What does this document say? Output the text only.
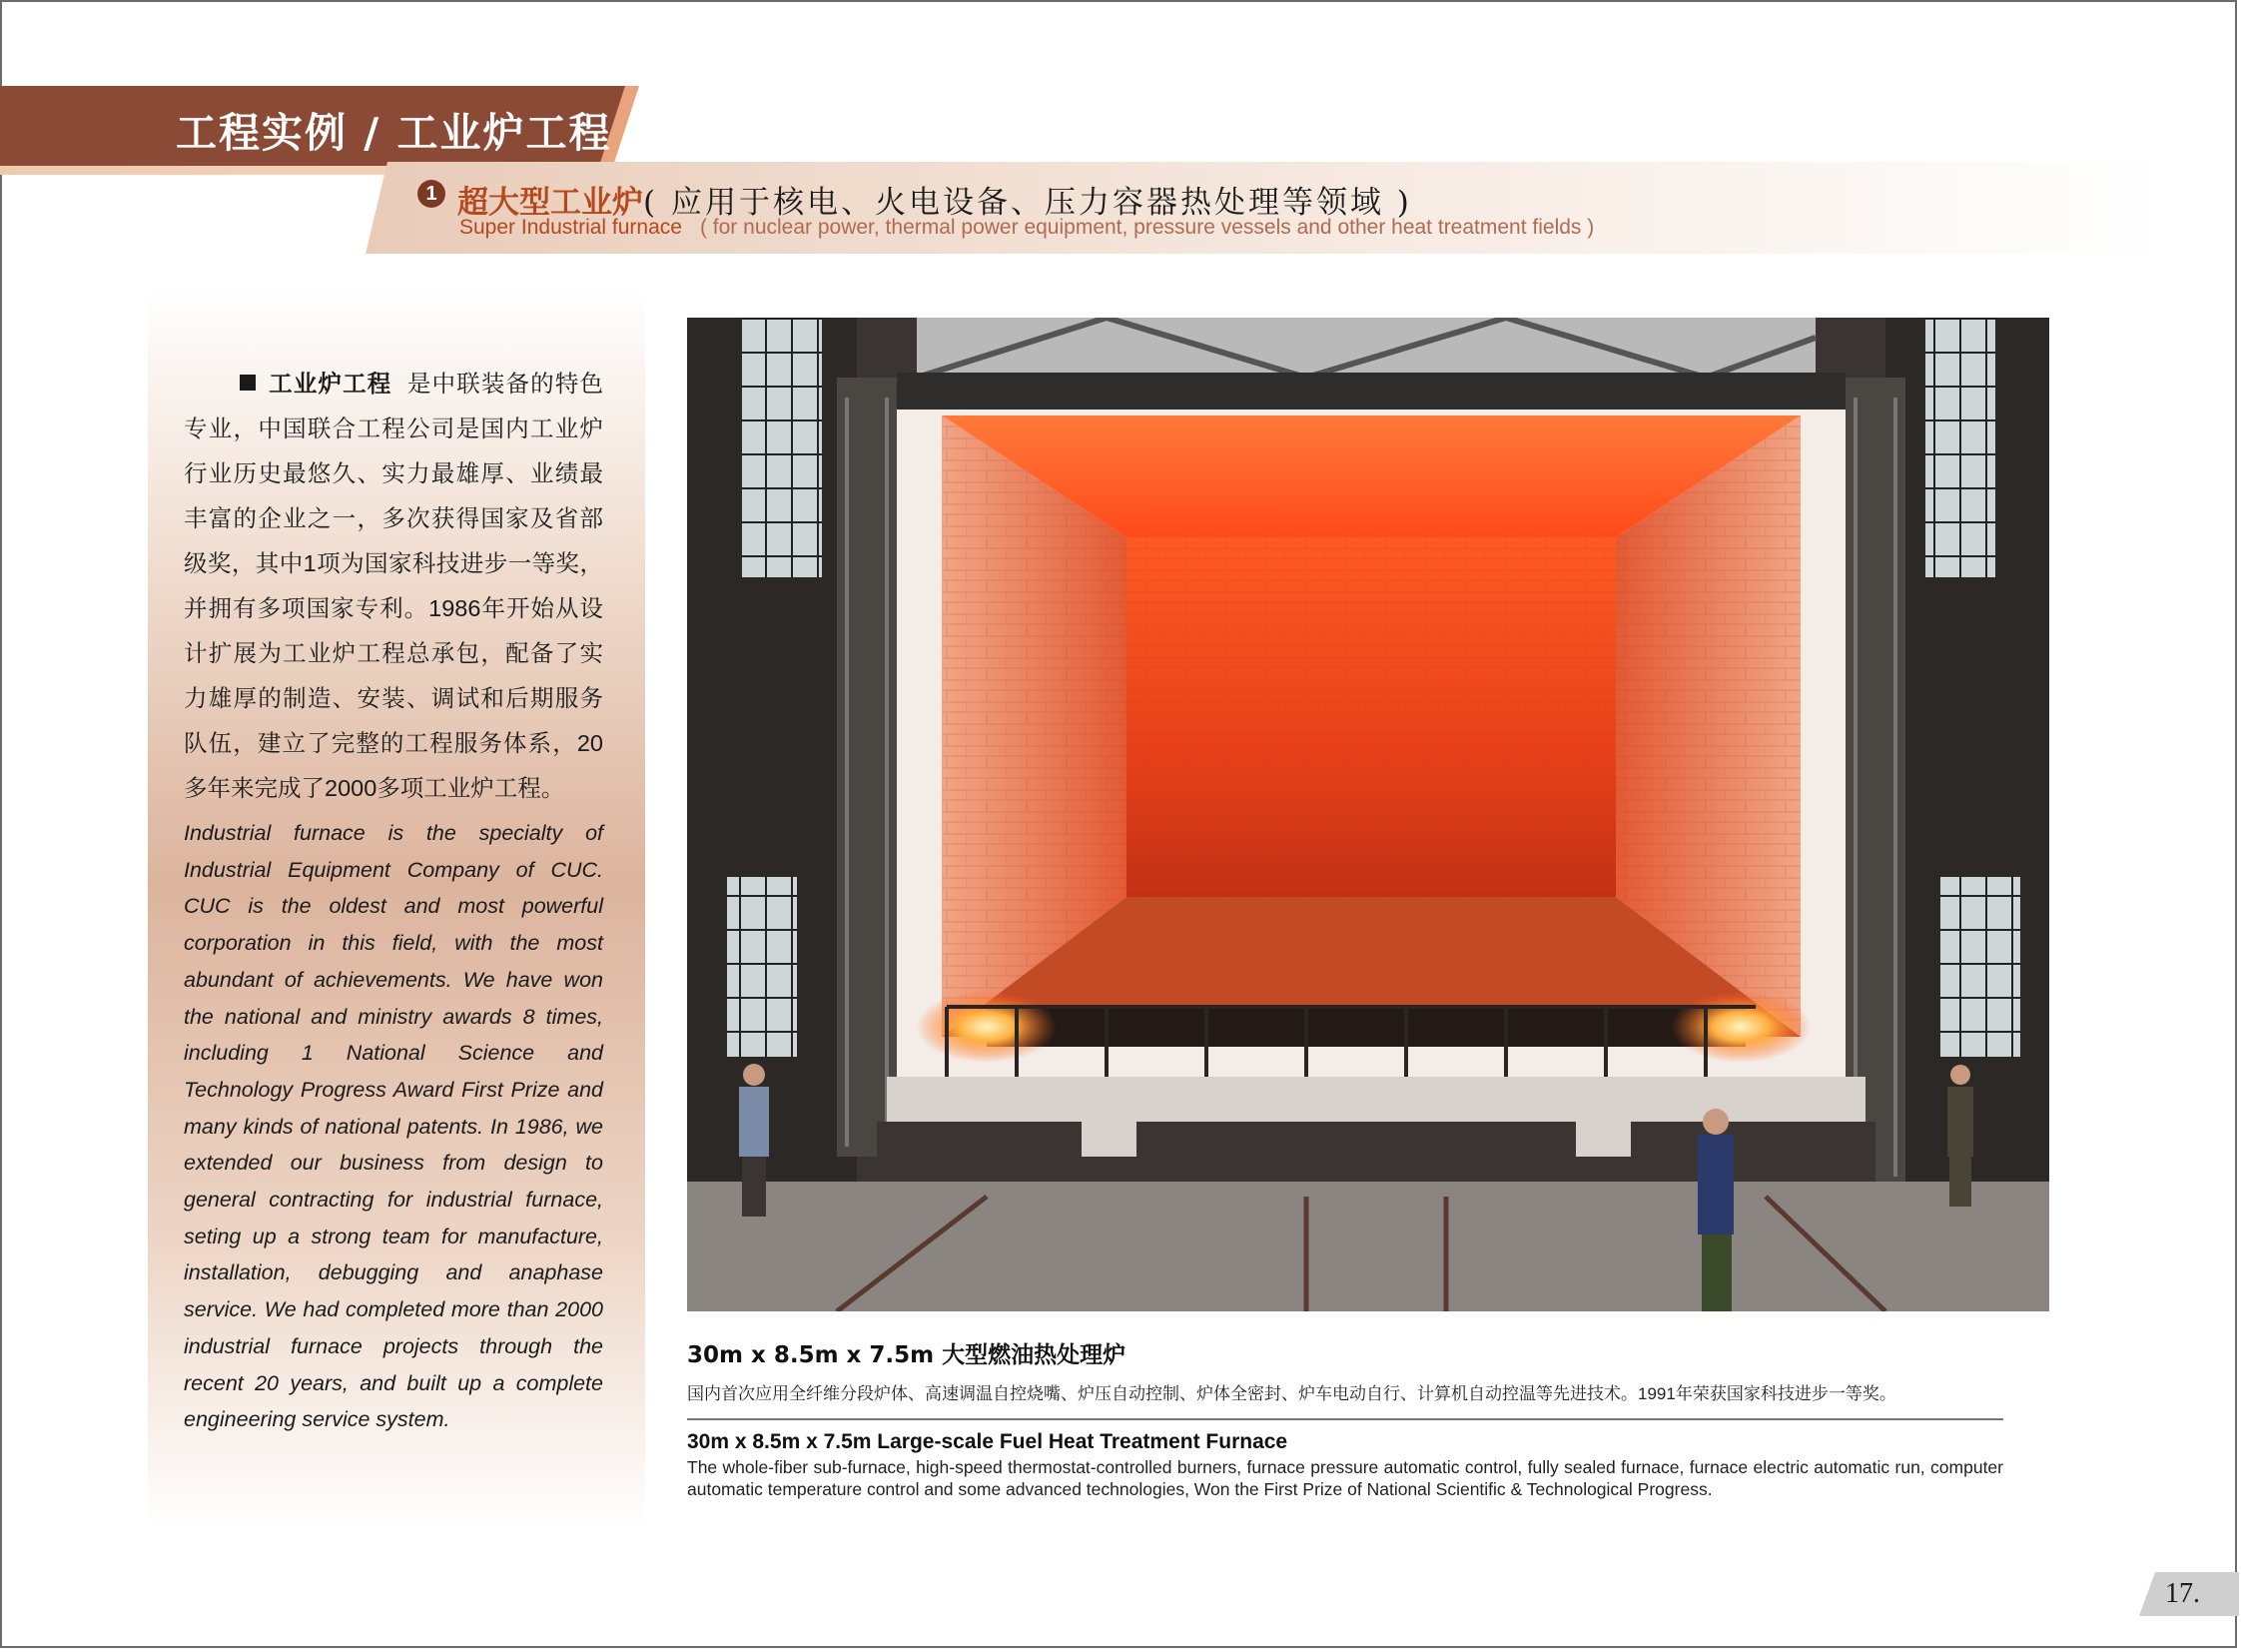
工程实例 / 工业炉工程
1 超大型工业炉( 应用于核电、火电设备、压力容器热处理等领域 )
Super Industrial furnace ( for nuclear power, thermal power equipment, pressure vessels and other heat treatment fields )
工业炉工程 是中联装备的特色专业，中国联合工程公司是国内工业炉行业历史最悠久、实力最雄厚、业绩最丰富的企业之一，多次获得国家及省部级奖，其中1项为国家科技进步一等奖，并拥有多项国家专利。1986年开始从设计扩展为工业炉工程总承包，配备了实力雄厚的制造、安装、调试和后期服务队伍，建立了完整的工程服务体系，20多年来完成了2000多项工业炉工程。
Industrial furnace is the specialty of Industrial Equipment Company of CUC. CUC is the oldest and most powerful corporation in this field, with the most abundant of achievements. We have won the national and ministry awards 8 times, including 1 National Science and Technology Progress Award First Prize and many kinds of national patents. In 1986, we extended our business from design to general contracting for industrial furnace, seting up a strong team for manufacture, installation, debugging and anaphase service. We had completed more than 2000 industrial furnace projects through the recent 20 years, and built up a complete engineering service system.
30m x 8.5m x 7.5m 大型燃油热处理炉
国内首次应用全纤维分段炉体、高速调温自控烧嘴、炉压自动控制、炉体全密封、炉车电动自行、计算机自动控温等先进技术。1991年荣获国家科技进步一等奖。
30m x 8.5m x 7.5m Large-scale Fuel Heat Treatment Furnace
The whole-fiber sub-furnace, high-speed thermostat-controlled burners, furnace pressure automatic control, fully sealed furnace, furnace electric automatic run, computer automatic temperature control and some advanced technologies, Won the First Prize of National Scientific & Technological Progress.
17.
